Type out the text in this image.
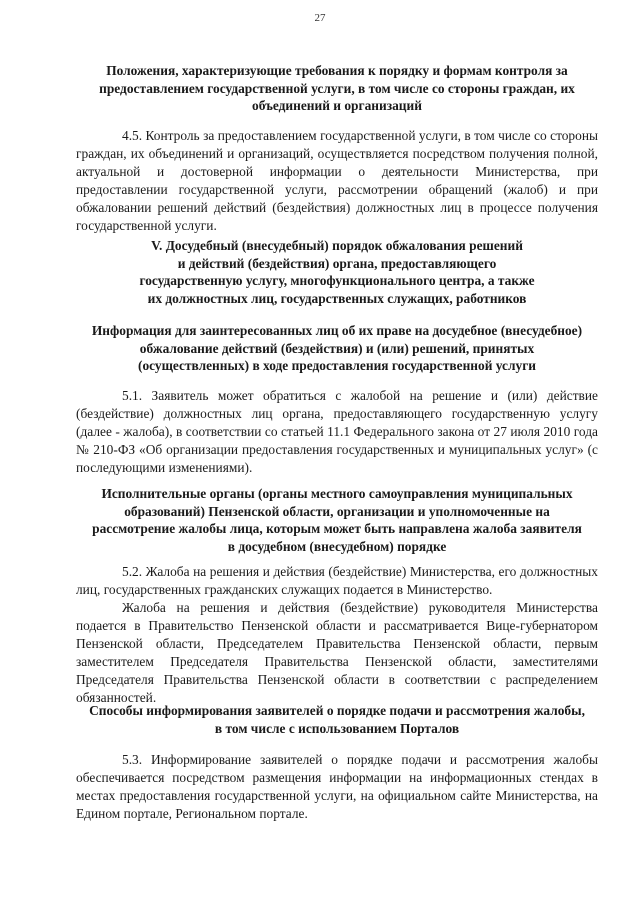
27
Положения, характеризующие требования к порядку и формам контроля за
предоставлением государственной услуги, в том числе со стороны граждан, их
объединений и организаций

4.5. Контроль за предоставлением государственной услуги, в том числе со стороны граждан, их объединений и организаций, осуществляется посредством получения полной, актуальной и достоверной информации о деятельности Министерства, при предоставлении государственной услуги, рассмотрении обращений (жалоб) и при обжаловании решений действий (бездействия) должностных лиц в процессе получения государственной услуги.

V. Досудебный (внесудебный) порядок обжалования решений
и действий (бездействия) органа, предоставляющего
государственную услугу, многофункционального центра, а также
их должностных лиц, государственных служащих, работников
Информация для заинтересованных лиц об их праве на досудебное (внесудебное)
обжалование действий (бездействия) и (или) решений, принятых
(осуществленных) в ходе предоставления государственной услуги

5.1. Заявитель может обратиться с жалобой на решение и (или) действие (бездействие) должностных лиц органа, предоставляющего государственную услугу (далее - жалоба), в соответствии со статьей 11.1 Федерального закона от 27 июля 2010 года № 210-ФЗ «Об организации предоставления государственных и муниципальных услуг» (с последующими изменениями).

Исполнительные органы (органы местного самоуправления муниципальных
образований) Пензенской области, организации и уполномоченные на
рассмотрение жалобы лица, которым может быть направлена жалоба заявителя
в досудебном (внесудебном) порядке

5.2. Жалоба на решения и действия (бездействие) Министерства, его должностных лиц, государственных гражданских служащих подается в Министерство.

Жалоба на решения и действия (бездействие) руководителя Министерства подается в Правительство Пензенской области и рассматривается Вице-губернатором Пензенской области, Председателем Правительства Пензенской области, первым заместителем Председателя Правительства Пензенской области, заместителями Председателя Правительства Пензенской области в соответствии с распределением обязанностей.

Способы информирования заявителей о порядке подачи и рассмотрения жалобы,
в том числе с использованием Порталов

5.3. Информирование заявителей о порядке подачи и рассмотрения жалобы обеспечивается посредством размещения информации на информационных стендах в местах предоставления государственной услуги, на официальном сайте Министерства, на Едином портале, Региональном портале.
